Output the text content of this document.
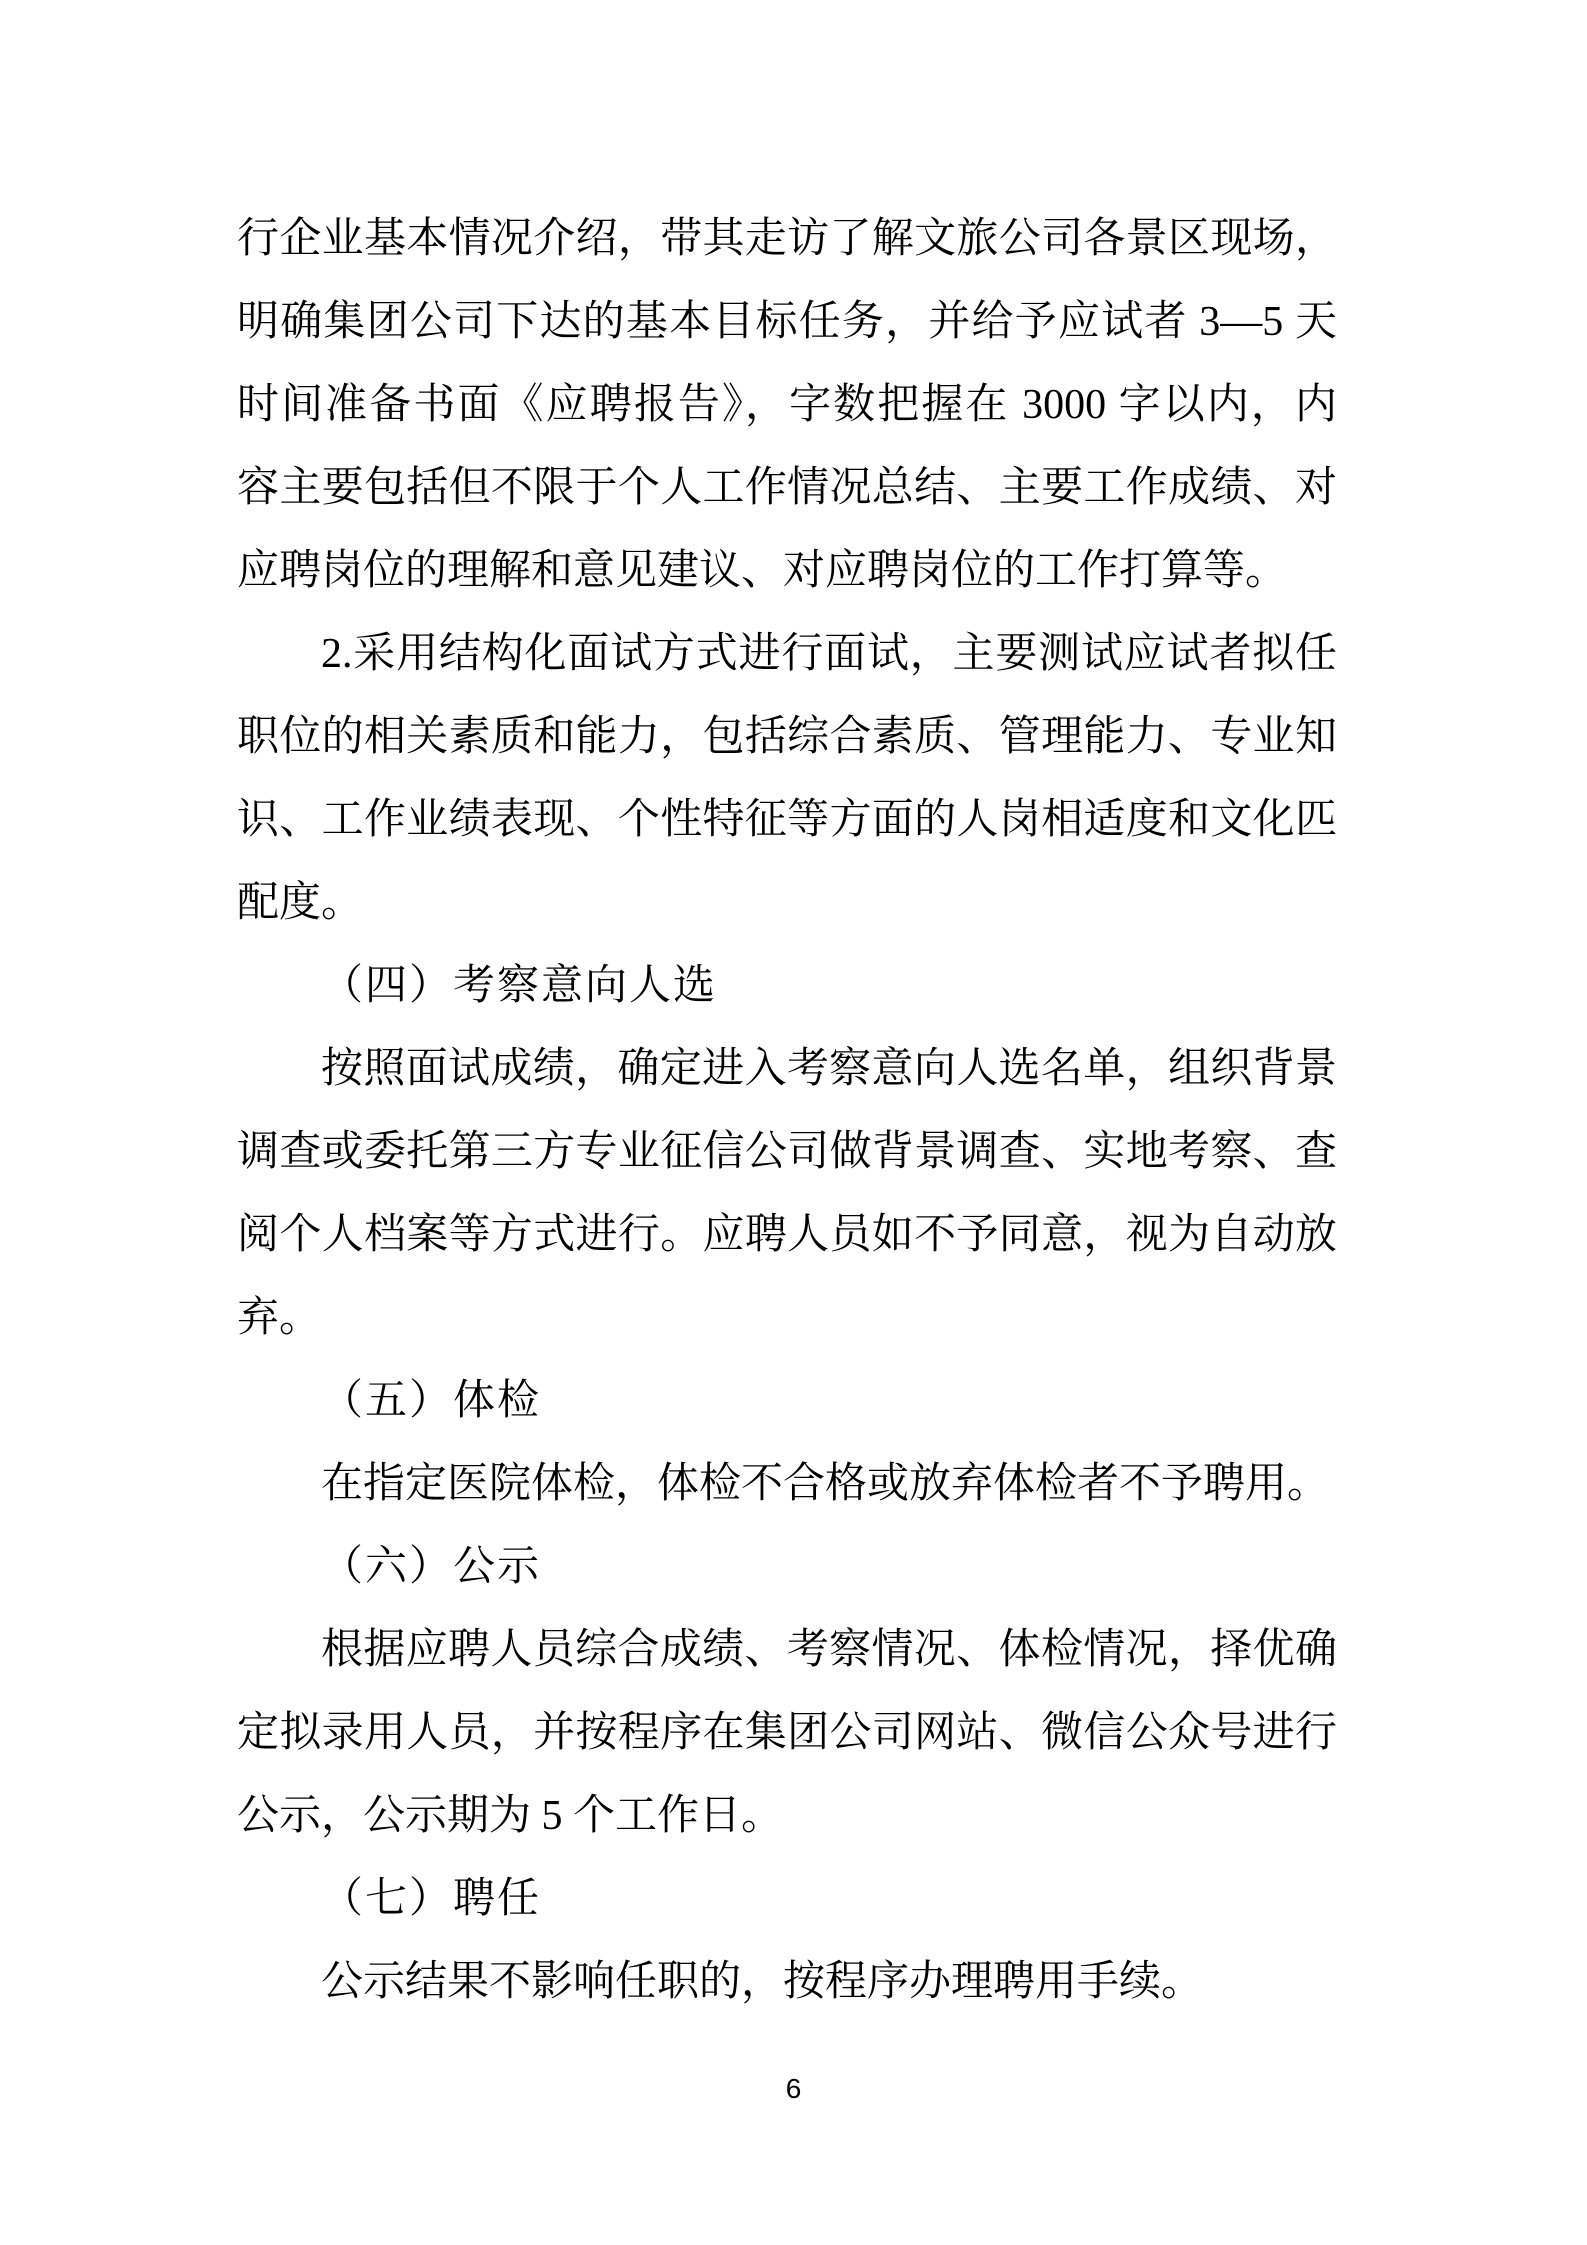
行企业基本情况介绍，带其走访了解文旅公司各景区现场，
明确集团公司下达的基本目标任务，并给予应试者 3—5 天
时间准备书面《应聘报告》，字数把握在 3000 字以内，内
容主要包括但不限于个人工作情况总结、主要工作成绩、对
应聘岗位的理解和意见建议、对应聘岗位的工作打算等。
2.采用结构化面试方式进行面试，主要测试应试者拟任
职位的相关素质和能力，包括综合素质、管理能力、专业知
识、工作业绩表现、个性特征等方面的人岗相适度和文化匹
配度。
（四）考察意向人选
按照面试成绩，确定进入考察意向人选名单，组织背景
调查或委托第三方专业征信公司做背景调查、实地考察、查
阅个人档案等方式进行。应聘人员如不予同意，视为自动放
弃。
（五）体检
在指定医院体检，体检不合格或放弃体检者不予聘用。
（六）公示
根据应聘人员综合成绩、考察情况、体检情况，择优确
定拟录用人员，并按程序在集团公司网站、微信公众号进行
公示，公示期为 5 个工作日。
（七）聘任
公示结果不影响任职的，按程序办理聘用手续。
6
